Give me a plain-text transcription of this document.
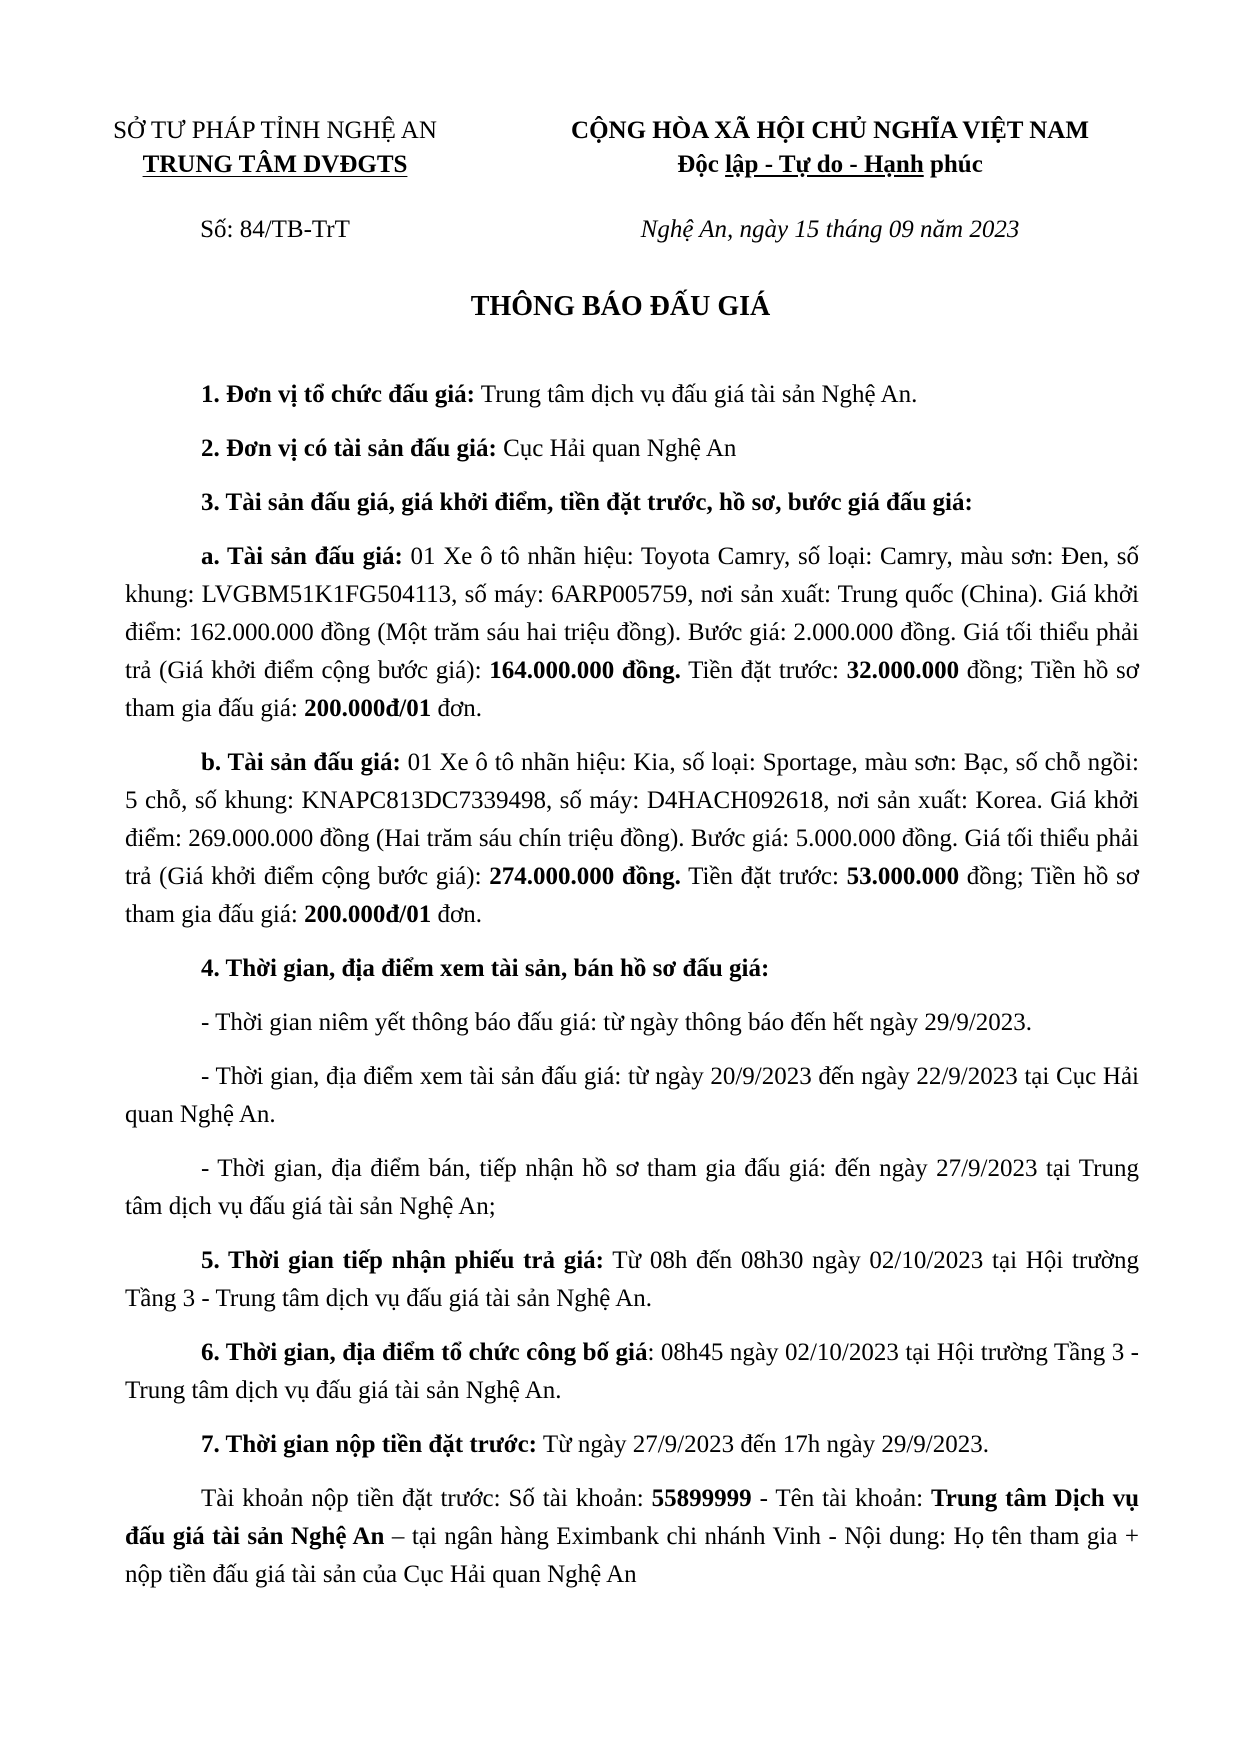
SỞ TƯ PHÁP TỈNH NGHỆ AN
TRUNG TÂM DVĐGTS
CỘNG HÒA XÃ HỘI CHỦ NGHĨA VIỆT NAM
Độc lập - Tự do - Hạnh phúc
Số: 84/TB-TrT	Nghệ An, ngày 15 tháng 09 năm 2023
THÔNG BÁO ĐẤU GIÁ

1. Đơn vị tổ chức đấu giá: Trung tâm dịch vụ đấu giá tài sản Nghệ An.

2. Đơn vị có tài sản đấu giá: Cục Hải quan Nghệ An

3. Tài sản đấu giá, giá khởi điểm, tiền đặt trước, hồ sơ, bước giá đấu giá:

a. Tài sản đấu giá: 01 Xe ô tô nhãn hiệu: Toyota Camry, số loại: Camry, màu sơn: Đen, số khung: LVGBM51K1FG504113, số máy: 6ARP005759, nơi sản xuất: Trung quốc (China). Giá khởi điểm: 162.000.000 đồng (Một trăm sáu hai triệu đồng). Bước giá: 2.000.000 đồng. Giá tối thiểu phải trả (Giá khởi điểm cộng bước giá): 164.000.000 đồng. Tiền đặt trước: 32.000.000 đồng; Tiền hồ sơ tham gia đấu giá: 200.000đ/01 đơn.

b. Tài sản đấu giá: 01 Xe ô tô nhãn hiệu: Kia, số loại: Sportage, màu sơn: Bạc, số chỗ ngồi: 5 chỗ, số khung: KNAPC813DC7339498, số máy: D4HACH092618, nơi sản xuất: Korea. Giá khởi điểm: 269.000.000 đồng (Hai trăm sáu chín triệu đồng). Bước giá: 5.000.000 đồng. Giá tối thiểu phải trả (Giá khởi điểm cộng bước giá): 274.000.000 đồng. Tiền đặt trước: 53.000.000 đồng; Tiền hồ sơ tham gia đấu giá: 200.000đ/01 đơn.

4. Thời gian, địa điểm xem tài sản, bán hồ sơ đấu giá:

- Thời gian niêm yết thông báo đấu giá: từ ngày thông báo đến hết ngày 29/9/2023.

- Thời gian, địa điểm xem tài sản đấu giá: từ ngày 20/9/2023 đến ngày 22/9/2023 tại Cục Hải quan Nghệ An.

- Thời gian, địa điểm bán, tiếp nhận hồ sơ tham gia đấu giá: đến ngày 27/9/2023 tại Trung tâm dịch vụ đấu giá tài sản Nghệ An;

5. Thời gian tiếp nhận phiếu trả giá: Từ 08h đến 08h30 ngày 02/10/2023 tại Hội trường Tầng 3 - Trung tâm dịch vụ đấu giá tài sản Nghệ An.

6. Thời gian, địa điểm tổ chức công bố giá: 08h45 ngày 02/10/2023 tại Hội trường Tầng 3 - Trung tâm dịch vụ đấu giá tài sản Nghệ An.

7. Thời gian nộp tiền đặt trước: Từ ngày 27/9/2023 đến 17h ngày 29/9/2023.

Tài khoản nộp tiền đặt trước: Số tài khoản: 55899999 - Tên tài khoản: Trung tâm Dịch vụ đấu giá tài sản Nghệ An – tại ngân hàng Eximbank chi nhánh Vinh - Nội dung: Họ tên tham gia + nộp tiền đấu giá tài sản của Cục Hải quan Nghệ An
